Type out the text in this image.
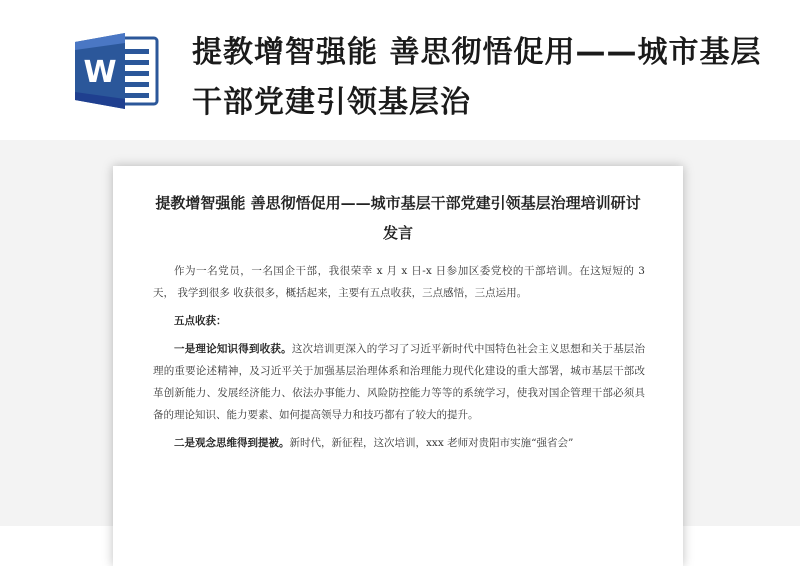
W
提教增智强能 善思彻悟促用——城市基层干部党建引领基层治
提教增智强能 善思彻悟促用——城市基层干部党建引领基层治理培训研讨发言

作为一名党员，一名国企干部，我很荣幸 x 月 x 日-x 日参加区委党校的干部培训。在这短短的 3 天， 我学到很多 收获很多，概括起来，主要有五点收获，三点感悟，三点运用。

五点收获：

一是理论知识得到收获。这次培训更深入的学习了习近平新时代中国特色社会主义思想和关于基层治理的重要论述精神，及习近平关于加强基层治理体系和治理能力现代化建设的重大部署，城市基层干部改革创新能力、发展经济能力、依法办事能力、风险防控能力等等的系统学习，使我对国企管理干部必须具备的理论知识、能力要素、如何提高领导力和技巧都有了较大的提升。

二是观念思维得到提被。新时代，新征程，这次培训，xxx 老师对贵阳市实施“强省会”
